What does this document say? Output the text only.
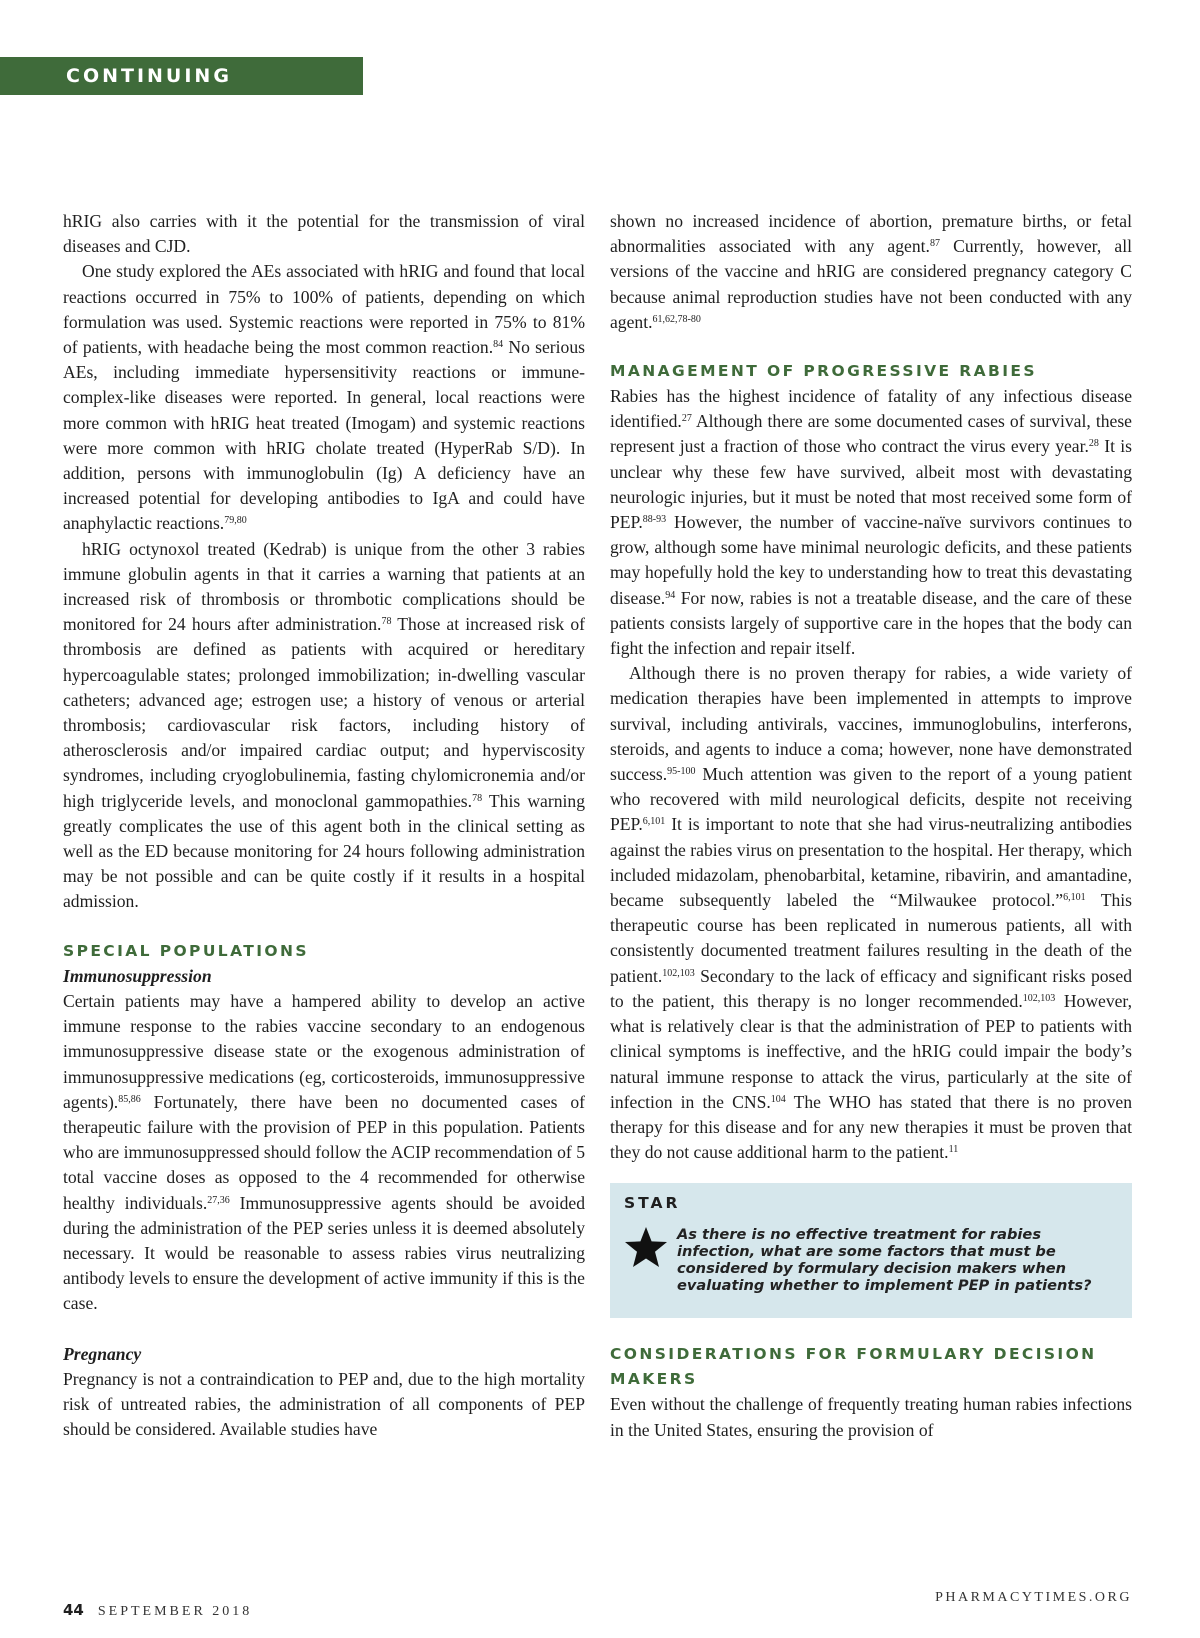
CONTINUING EDUCATION

hRIG also carries with it the potential for the transmission of viral diseases and CJD.

One study explored the AEs associated with hRIG and found that local reactions occurred in 75% to 100% of patients, depending on which formulation was used. Systemic reactions were reported in 75% to 81% of patients, with headache being the most common reaction.$^{84}$ No serious AEs, including immediate hypersensitivity reactions or immune-complex-like diseases were reported. In general, local reactions were more common with hRIG heat treated (Imogam) and systemic reactions were more common with hRIG cholate treated (HyperRab S/D). In addition, persons with immunoglobulin (Ig) A deficiency have an increased potential for developing antibodies to IgA and could have anaphylactic reactions.$^{79,80}$

hRIG octynoxol treated (Kedrab) is unique from the other 3 rabies immune globulin agents in that it carries a warning that patients at an increased risk of thrombosis or thrombotic complications should be monitored for 24 hours after administration.$^{78}$ Those at increased risk of thrombosis are defined as patients with acquired or hereditary hypercoagulable states; prolonged immobilization; in-dwelling vascular catheters; advanced age; estrogen use; a history of venous or arterial thrombosis; cardiovascular risk factors, including history of atherosclerosis and/or impaired cardiac output; and hyperviscosity syndromes, including cryoglobulinemia, fasting chylomicronemia and/or high triglyceride levels, and monoclonal gammopathies.$^{78}$ This warning greatly complicates the use of this agent both in the clinical setting as well as the ED because monitoring for 24 hours following administration may be not possible and can be quite costly if it results in a hospital admission.

SPECIAL POPULATIONS
Immunosuppression

Certain patients may have a hampered ability to develop an active immune response to the rabies vaccine secondary to an endogenous immunosuppressive disease state or the exogenous administration of immunosuppressive medications (eg, corticosteroids, immunosuppressive agents).$^{85,86}$ Fortunately, there have been no documented cases of therapeutic failure with the provision of PEP in this population. Patients who are immunosuppressed should follow the ACIP recommendation of 5 total vaccine doses as opposed to the 4 recommended for otherwise healthy individuals.$^{27,36}$ Immunosuppressive agents should be avoided during the administration of the PEP series unless it is deemed absolutely necessary. It would be reasonable to assess rabies virus neutralizing antibody levels to ensure the development of active immunity if this is the case.

Pregnancy

Pregnancy is not a contraindication to PEP and, due to the high mortality risk of untreated rabies, the administration of all components of PEP should be considered. Available studies have

shown no increased incidence of abortion, premature births, or fetal abnormalities associated with any agent.$^{87}$ Currently, however, all versions of the vaccine and hRIG are considered pregnancy category C because animal reproduction studies have not been conducted with any agent.$^{61,62,78-80}$

MANAGEMENT OF PROGRESSIVE RABIES

Rabies has the highest incidence of fatality of any infectious disease identified.$^{27}$ Although there are some documented cases of survival, these represent just a fraction of those who contract the virus every year.$^{28}$ It is unclear why these few have survived, albeit most with devastating neurologic injuries, but it must be noted that most received some form of PEP.$^{88-93}$ However, the number of vaccine-naïve survivors continues to grow, although some have minimal neurologic deficits, and these patients may hopefully hold the key to understanding how to treat this devastating disease.$^{94}$ For now, rabies is not a treatable disease, and the care of these patients consists largely of supportive care in the hopes that the body can fight the infection and repair itself.

Although there is no proven therapy for rabies, a wide variety of medication therapies have been implemented in attempts to improve survival, including antivirals, vaccines, immunoglobulins, interferons, steroids, and agents to induce a coma; however, none have demonstrated success.$^{95-100}$ Much attention was given to the report of a young patient who recovered with mild neurological deficits, despite not receiving PEP.$^{6,101}$ It is important to note that she had virus-neutralizing antibodies against the rabies virus on presentation to the hospital. Her therapy, which included midazolam, phenobarbital, ketamine, ribavirin, and amantadine, became subsequently labeled the “Milwaukee protocol.”$^{6,101}$ This therapeutic course has been replicated in numerous patients, all with consistently documented treatment failures resulting in the death of the patient.$^{102,103}$ Secondary to the lack of efficacy and significant risks posed to the patient, this therapy is no longer recommended.$^{102,103}$ However, what is relatively clear is that the administration of PEP to patients with clinical symptoms is ineffective, and the hRIG could impair the body’s natural immune response to attack the virus, particularly at the site of infection in the CNS.$^{104}$ The WHO has stated that there is no proven therapy for this disease and for any new therapies it must be proven that they do not cause additional harm to the patient.$^{11}$

STAR
As there is no effective treatment for rabies infection, what are some factors that must be considered by formulary decision makers when evaluating whether to implement PEP in patients?
CONSIDERATIONS FOR FORMULARY DECISION MAKERS

Even without the challenge of frequently treating human rabies infections in the United States, ensuring the provision of

44 SEPTEMBER 2018
PHARMACYTIMES.ORG
